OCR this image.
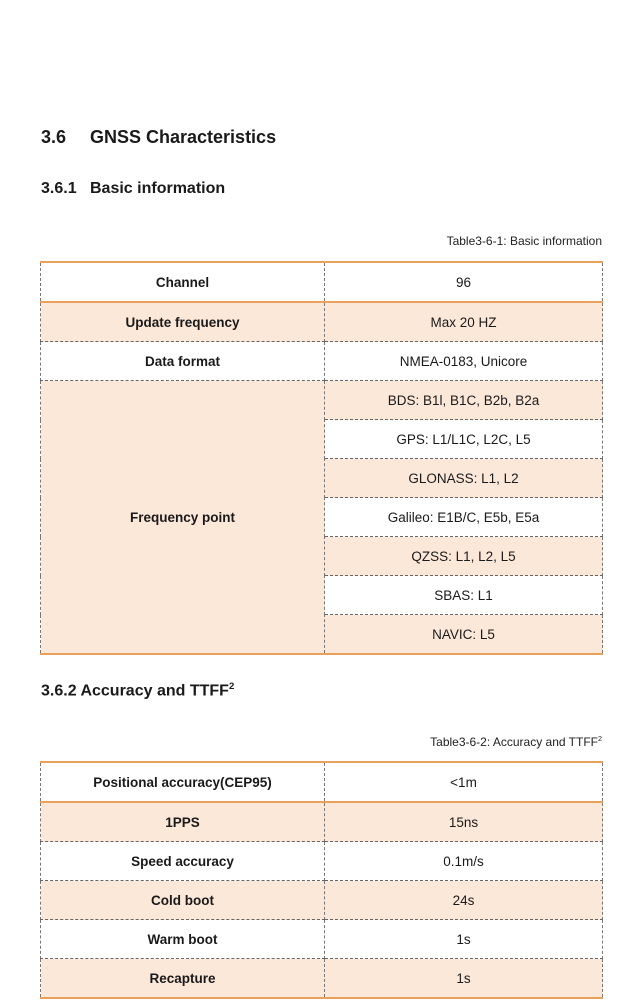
3.6 GNSS Characteristics
3.6.1 Basic information
Table3-6-1: Basic information
Channel	96
Update frequency	Max 20 HZ
Data format	NMEA-0183, Unicore
Frequency point	BDS: B1l, B1C, B2b, B2a
	GPS: L1/L1C, L2C, L5
	GLONASS: L1, L2
	Galileo: E1B/C, E5b, E5a
	QZSS: L1, L2, L5
	SBAS: L1
	NAVIC: L5
3.6.2 Accuracy and TTFF$^2$
Table3-6-2: Accuracy and TTFF$^2$
Positional accuracy(CEP95)	<1m
1PPS	15ns
Speed accuracy	0.1m/s
Cold boot	24s
Warm boot	1s
Recapture	1s
